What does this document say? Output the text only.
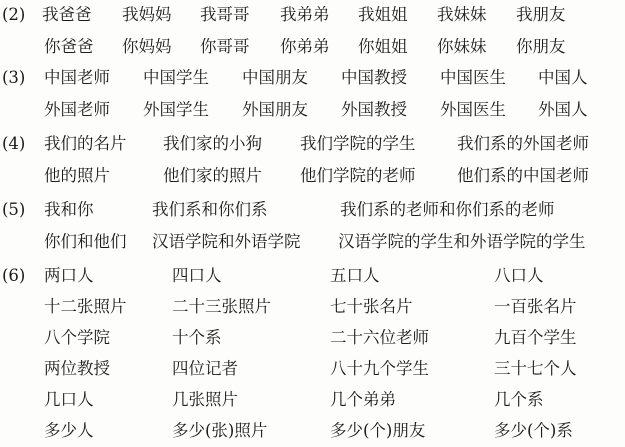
(2) 我爸爸 我妈妈 我哥哥 我弟弟 我姐姐 我妹妹 我朋友
你爸爸 你妈妈 你哥哥 你弟弟 你姐姐 你妹妹 你朋友
(3) 中国老师 中国学生 中国朋友 中国教授 中国医生 中国人
外国老师 外国学生 外国朋友 外国教授 外国医生 外国人
(4) 我们的名片 我们家的小狗 我们学院的学生	我们系的外国老师
他的照片	他们家的照片 他们学院的老师	他们系的中国老师
(5) 我和你	我们系和你们系	我们系的老师和你们系的老师
你们和他们 汉语学院和外语学院 汉语学院的学生和外语学院的学生
(6) 两口人	四口人	五口人	八口人
十二张照片	二十三张照片	七十张名片	一百张名片
八个学院	十个系	二十六位老师	九百个学生
两位教授	四位记者	八十九个学生	三十七个人
几口人	几张照片	几个弟弟	几个系
多少人	多少(张)照片	多少(个)朋友	多少(个)系
